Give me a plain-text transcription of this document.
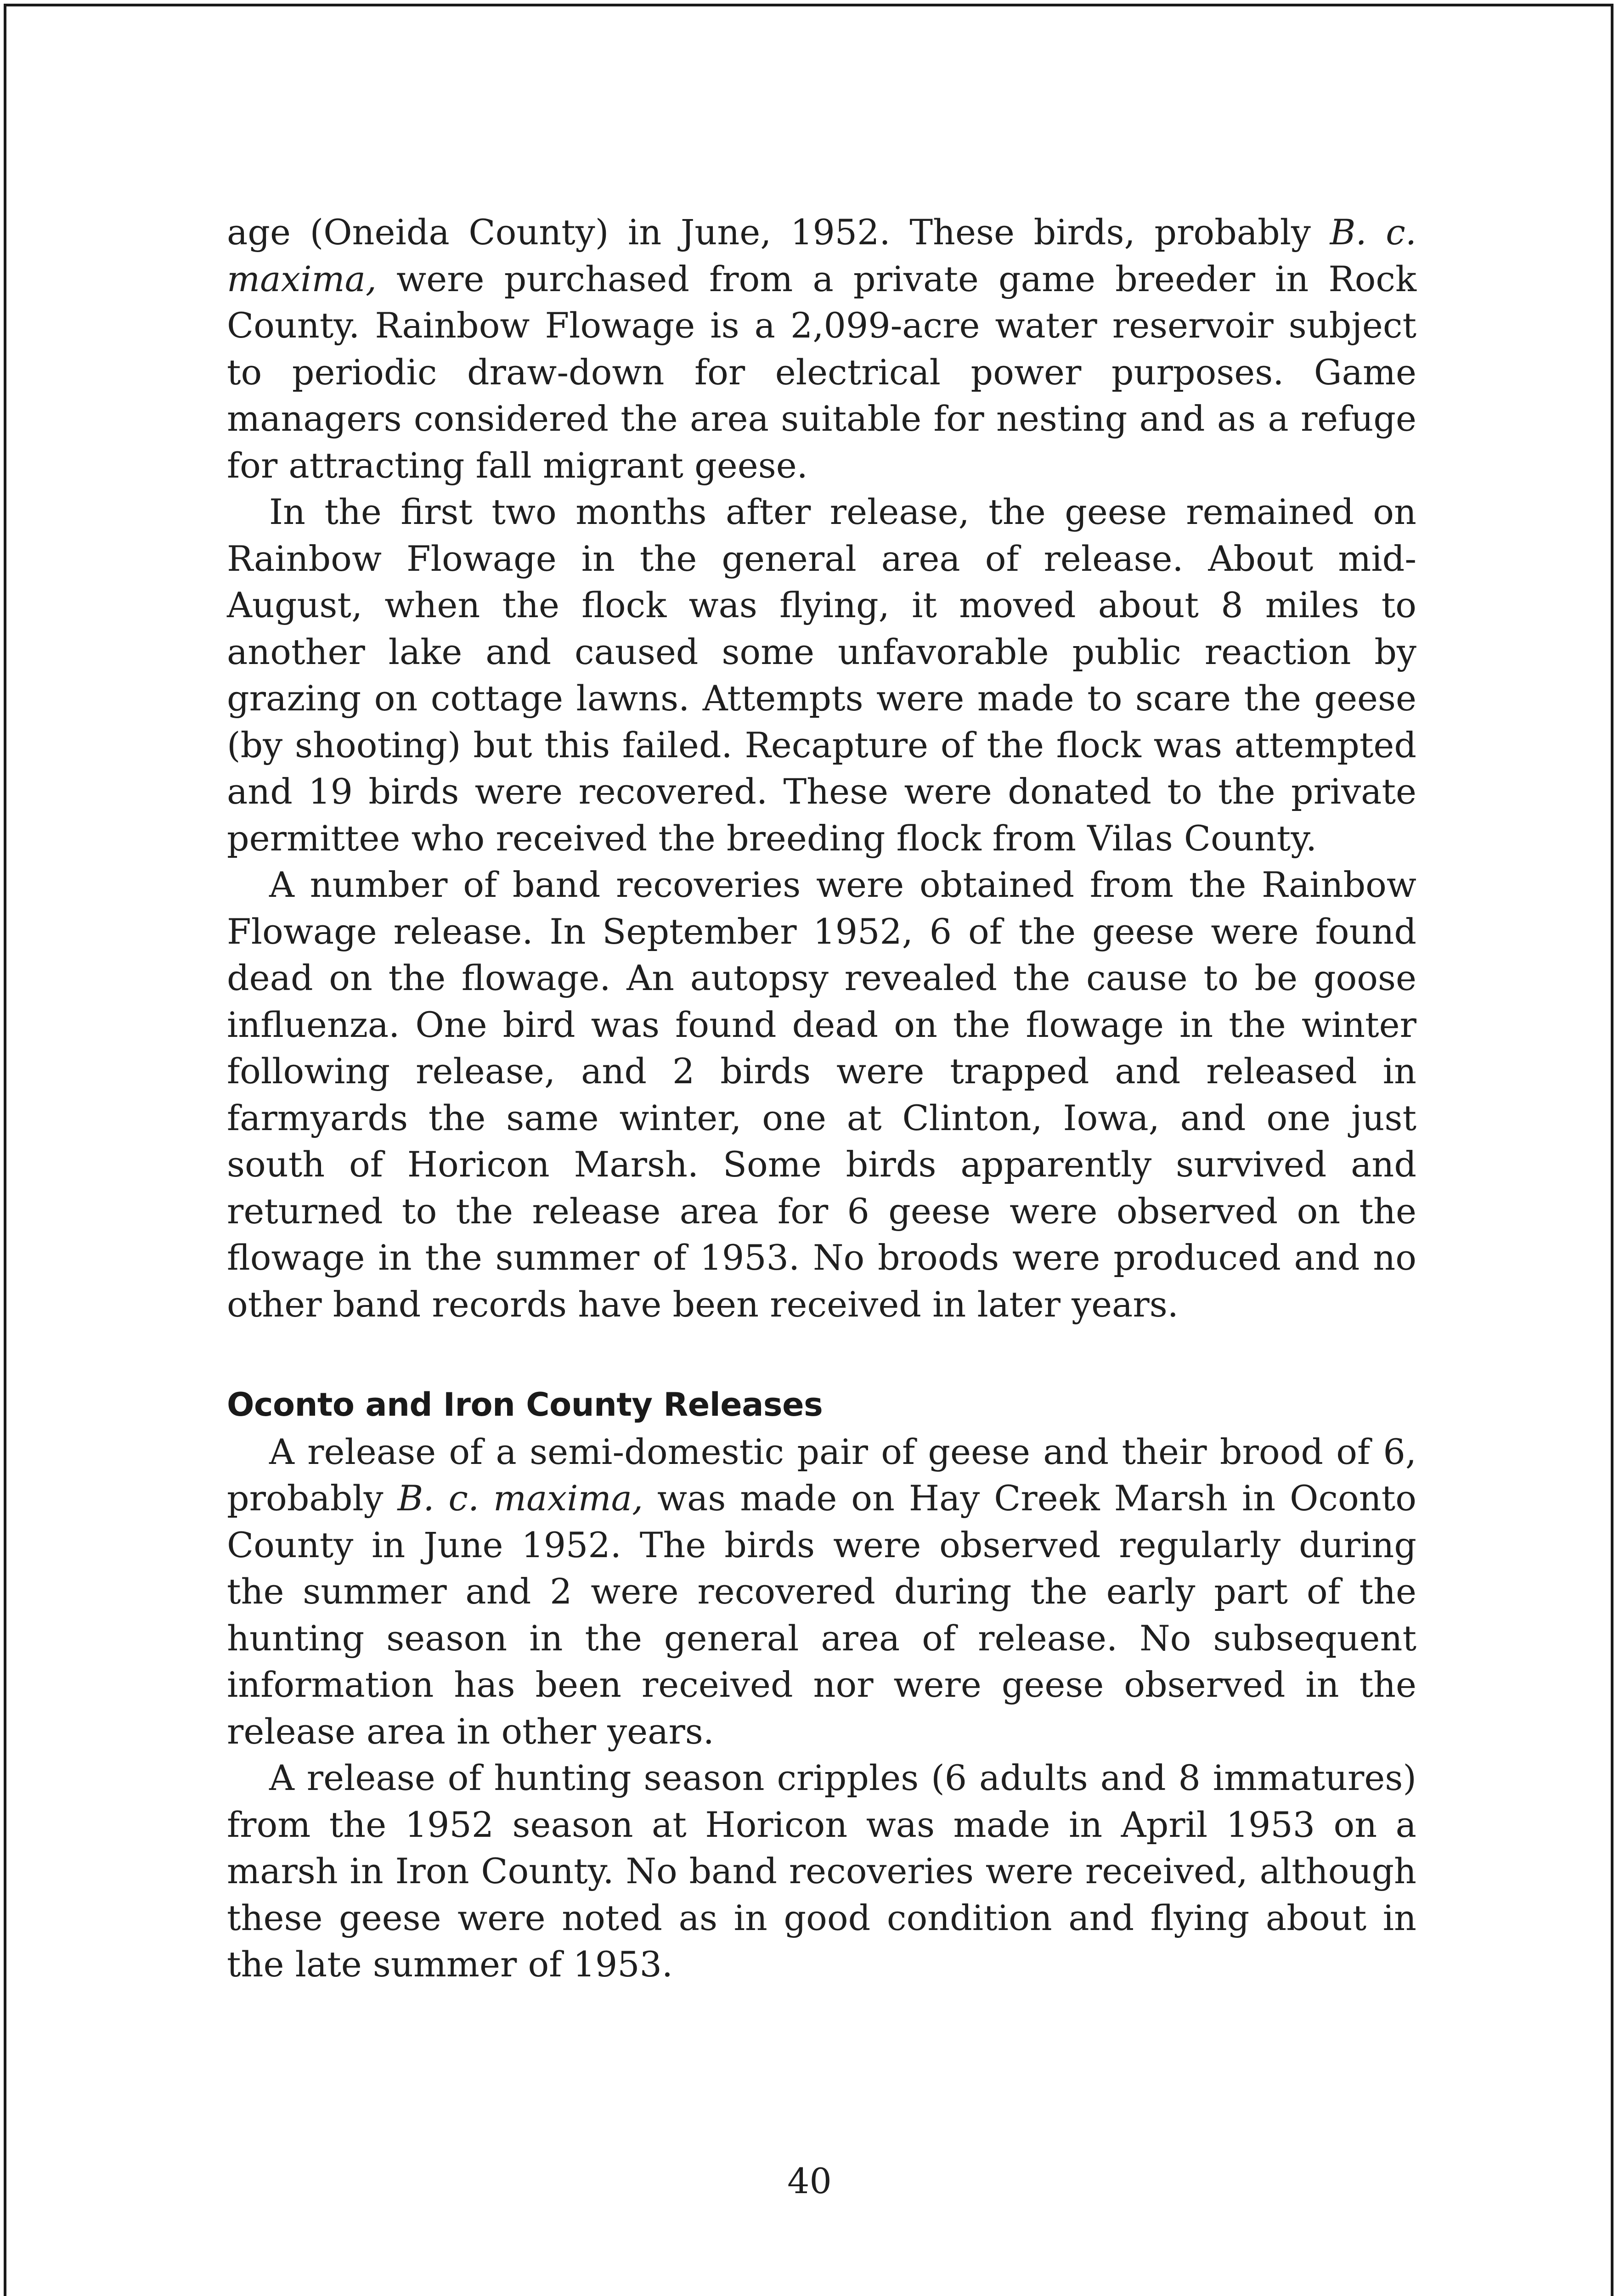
age (Oneida County) in June, 1952. These birds, probably B. c. maxima, were purchased from a private game breeder in Rock County. Rainbow Flowage is a 2,099-acre water reservoir subject to periodic draw-down for electrical power purposes. Game managers considered the area suitable for nesting and as a refuge for attracting fall migrant geese.

In the first two months after release, the geese remained on Rainbow Flowage in the general area of release. About mid-August, when the flock was flying, it moved about 8 miles to another lake and caused some unfavorable public reaction by grazing on cottage lawns. Attempts were made to scare the geese (by shooting) but this failed. Recapture of the flock was attempted and 19 birds were recovered. These were donated to the private permittee who received the breeding flock from Vilas County.

A number of band recoveries were obtained from the Rainbow Flowage release. In September 1952, 6 of the geese were found dead on the flowage. An autopsy revealed the cause to be goose influenza. One bird was found dead on the flowage in the winter following release, and 2 birds were trapped and released in farmyards the same winter, one at Clinton, Iowa, and one just south of Horicon Marsh. Some birds apparently survived and returned to the release area for 6 geese were observed on the flowage in the summer of 1953. No broods were produced and no other band records have been received in later years.

Oconto and Iron County Releases

A release of a semi-domestic pair of geese and their brood of 6, probably B. c. maxima, was made on Hay Creek Marsh in Oconto County in June 1952. The birds were observed regularly during the summer and 2 were recovered during the early part of the hunting season in the general area of release. No subsequent information has been received nor were geese observed in the release area in other years.

A release of hunting season cripples (6 adults and 8 immatures) from the 1952 season at Horicon was made in April 1953 on a marsh in Iron County. No band recoveries were received, although these geese were noted as in good condition and flying about in the late summer of 1953.

40
